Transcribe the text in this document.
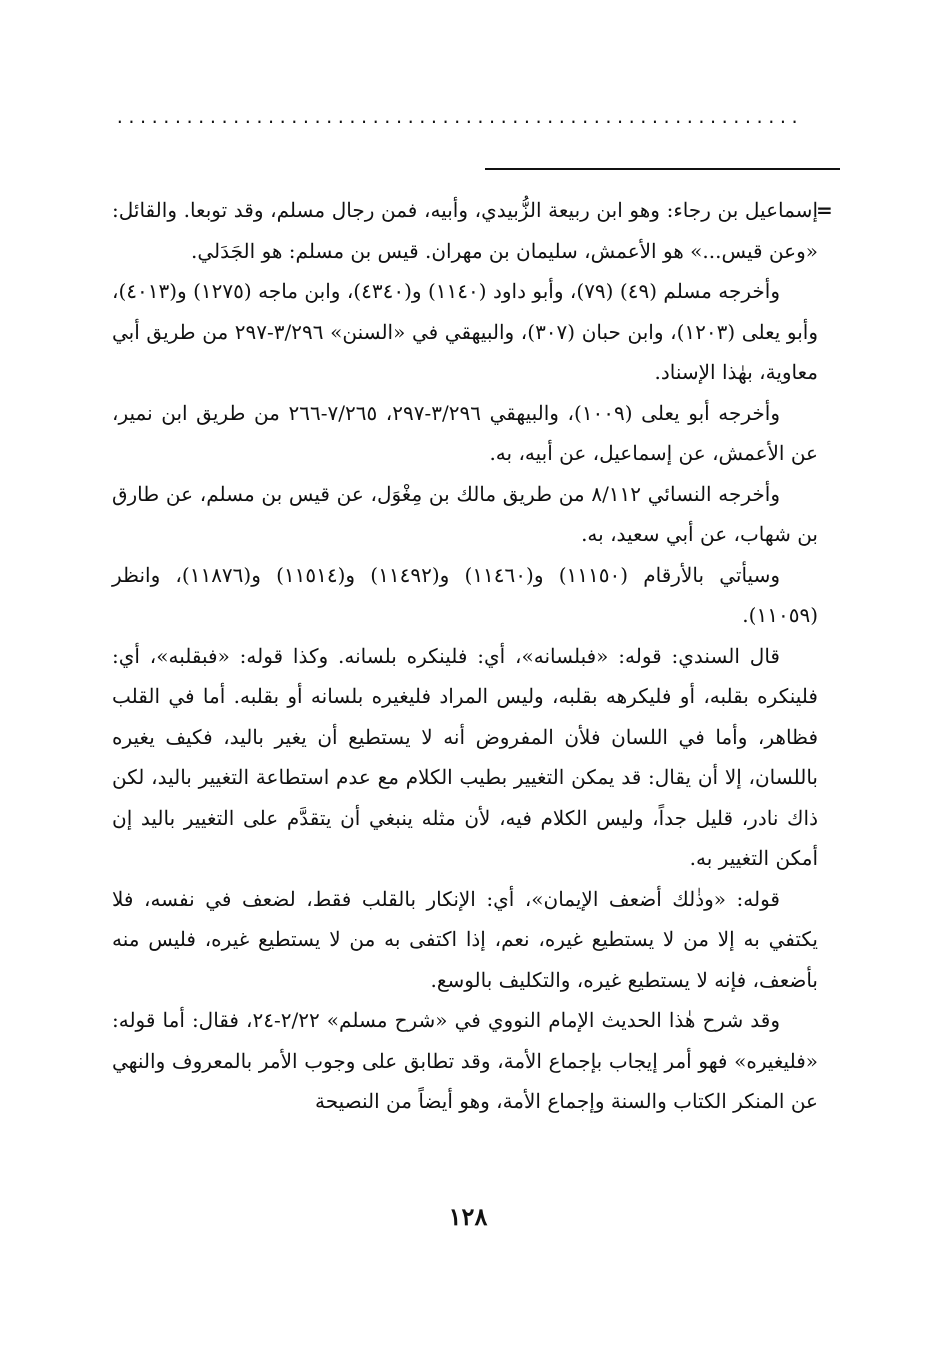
...........................................................
=

إسماعيل بن رجاء: وهو ابن ربيعة الزُّبيدي، وأبيه، فمن رجال مسلم، وقد توبعا. والقائل: «وعن قيس...» هو الأعمش، سليمان بن مهران. قيس بن مسلم: هو الجَدَلي.

وأخرجه مسلم (٤٩) (٧٩)، وأبو داود (١١٤٠) و(٤٣٤٠)، وابن ماجه (١٢٧٥) و(٤٠١٣)، وأبو يعلى (١٢٠٣)، وابن حبان (٣٠٧)، والبيهقي في «السنن» ٣/٢٩٦-٢٩٧ من طريق أبي معاوية، بهٰذا الإسناد.

وأخرجه أبو يعلى (١٠٠٩)، والبيهقي ٣/٢٩٦-٢٩٧، ٧/٢٦٥-٢٦٦ من طريق ابن نمير، عن الأعمش، عن إسماعيل، عن أبيه، به.

وأخرجه النسائي ٨/١١٢ من طريق مالك بن مِغْوَل، عن قيس بن مسلم، عن طارق بن شهاب، عن أبي سعيد، به.

وسيأتي بالأرقام (١١١٥٠) و(١١٤٦٠) و(١١٤٩٢) و(١١٥١٤) و(١١٨٧٦)، وانظر (١١٠٥٩).

قال السندي: قوله: «فبلسانه»، أي: فلينكره بلسانه. وكذا قوله: «فبقلبه»، أي: فلينكره بقلبه، أو فليكرهه بقلبه، وليس المراد فليغيره بلسانه أو بقلبه. أما في القلب فظاهر، وأما في اللسان فلأن المفروض أنه لا يستطيع أن يغير باليد، فكيف يغيره باللسان، إلا أن يقال: قد يمكن التغيير بطيب الكلام مع عدم استطاعة التغيير باليد، لكن ذاك نادر، قليل جداً، وليس الكلام فيه، لأن مثله ينبغي أن يتقدَّم على التغيير باليد إن أمكن التغيير به.

قوله: «وذٰلك أضعف الإيمان»، أي: الإنكار بالقلب فقط، لضعف في نفسه، فلا يكتفي به إلا من لا يستطيع غيره، نعم، إذا اكتفى به من لا يستطيع غيره، فليس منه بأضعف، فإنه لا يستطيع غيره، والتكليف بالوسع.

وقد شرح هٰذا الحديث الإمام النووي في «شرح مسلم» ٢/٢٢-٢٤، فقال: أما قوله: «فليغيره» فهو أمر إيجاب بإجماع الأمة، وقد تطابق على وجوب الأمر بالمعروف والنهي عن المنكر الكتاب والسنة وإجماع الأمة، وهو أيضاً من النصيحة

١٢٨
